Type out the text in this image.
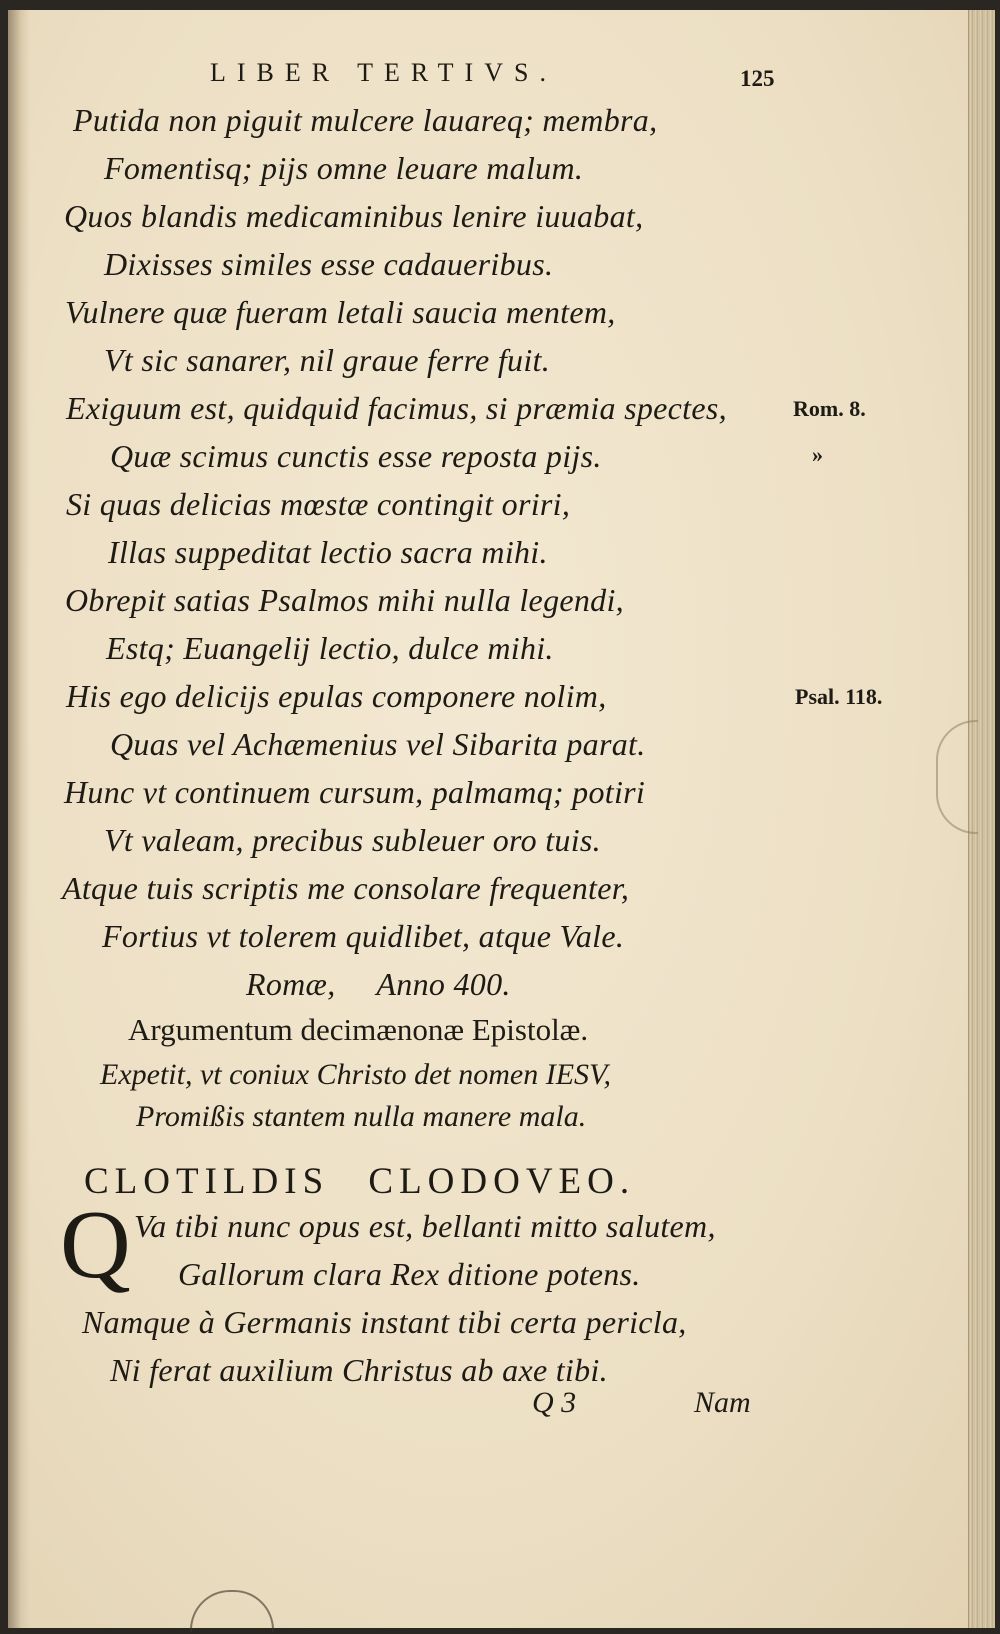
LIBER TERTIVS.	125
Putida non piguit mulcere lauareq; membra,
Fomentisq; pijs omne leuare malum.
Quos blandis medicaminibus lenire iuuabat,
Dixisses similes esse cadaueribus.
Vulnere quæ fueram letali saucia mentem,
Vt sic sanarer, nil graue ferre fuit.
Exiguum est, quidquid facimus, si præmia spectes,
Quæ scimus cunctis esse reposta pijs.
Si quas delicias mœstæ contingit oriri,
Illas suppeditat lectio sacra mihi.
Obrepit satias Psalmos mihi nulla legendi,
Estq; Euangelij lectio, dulce mihi.
His ego delicijs epulas componere nolim,
Quas vel Achæmenius vel Sibarita parat.
Hunc vt continuem cursum, palmamq; potiri
Vt valeam, precibus subleuer oro tuis.
Atque tuis scriptis me consolare frequenter,
Fortius vt tolerem quidlibet, atque Vale.
Romæ,     Anno 400.
Rom. 8.
»
Psal. 118.
Argumentum decimænonæ Epistolæ.
Expetit, vt coniux Christo det nomen IESV,
Promißis stantem nulla manere mala.
CLOTILDIS CLODOVEO.
Q Va tibi nunc opus est, bellanti mitto salutem,
Gallorum clara Rex ditione potens.
Namque à Germanis instant tibi certa pericla,
Ni ferat auxilium Christus ab axe tibi.
Q 3	Nam
